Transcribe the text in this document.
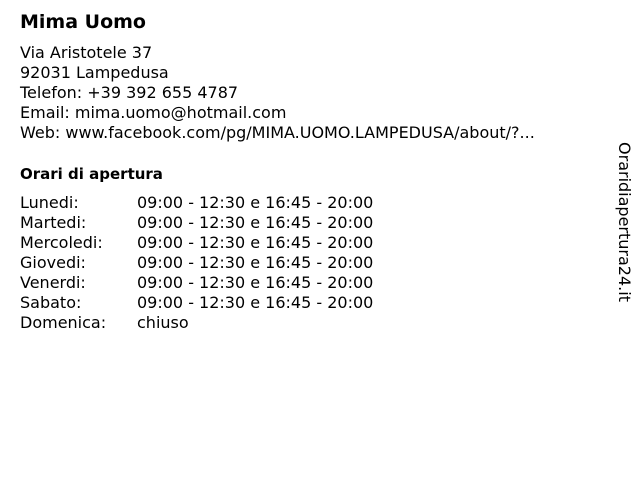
Mima Uomo
Via Aristotele 37
92031 Lampedusa
Telefon: +39 392 655 4787
Email: mima.uomo@hotmail.com
Web: www.facebook.com/pg/MIMA.UOMO.LAMPEDUSA/about/?...
Orari di apertura
Lunedi:	09:00 - 12:30 e 16:45 - 20:00
Martedi:	09:00 - 12:30 e 16:45 - 20:00
Mercoledi: 09:00 - 12:30 e 16:45 - 20:00
Giovedi:	09:00 - 12:30 e 16:45 - 20:00
Venerdi:	09:00 - 12:30 e 16:45 - 20:00
Sabato:	09:00 - 12:30 e 16:45 - 20:00
Domenica: chiuso
Oraridiapertura24.it
